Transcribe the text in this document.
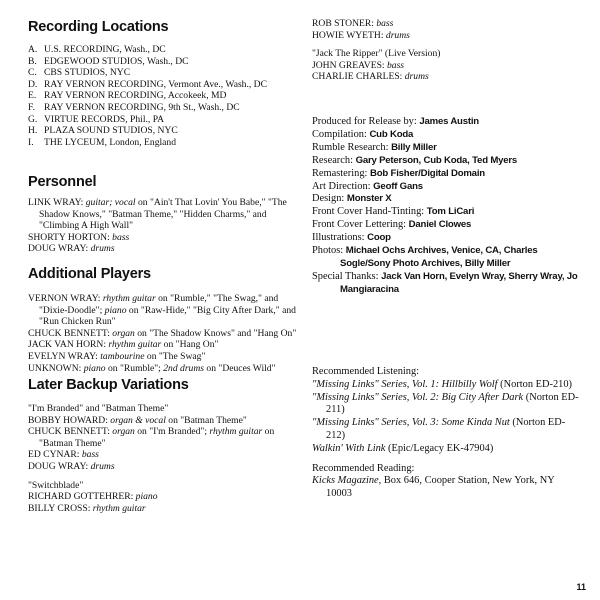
Recording Locations

A. U.S. RECORDING, Wash., DC

B. EDGEWOOD STUDIOS, Wash., DC

C. CBS STUDIOS, NYC

D. RAY VERNON RECORDING, Vermont Ave., Wash., DC

E. RAY VERNON RECORDING, Accokeek, MD

F. RAY VERNON RECORDING, 9th St., Wash., DC

G. VIRTUE RECORDS, Phil., PA

H. PLAZA SOUND STUDIOS, NYC

I.	THE LYCEUM, London, England

Personnel

LINK WRAY: guitar; vocal on "Ain't That Lovin' You Babe," "The Shadow Knows," "Batman Theme," "Hidden Charms," and "Climbing A High Wall"

SHORTY HORTON: bass

DOUG WRAY: drums

Additional Players

VERNON WRAY: rhythm guitar on "Rumble," "The Swag," and "Dixie-Doodle"; piano on "Raw-Hide," "Big City After Dark," and "Run Chicken Run"

CHUCK BENNETT: organ on "The Shadow Knows" and "Hang On"

JACK VAN HORN: rhythm guitar on "Hang On"

EVELYN WRAY: tambourine on "The Swag"

UNKNOWN: piano on "Rumble"; 2nd drums on "Deuces Wild"

Later Backup Variations

"I'm Branded" and "Batman Theme"

BOBBY HOWARD: organ & vocal on "Batman Theme"

CHUCK BENNETT: organ on "I'm Branded"; rhythm guitar on "Batman Theme"

ED CYNAR: bass

DOUG WRAY: drums

"Switchblade"

RICHARD GOTTEHRER: piano

BILLY CROSS: rhythm guitar

ROB STONER: bass

HOWIE WYETH: drums

"Jack The Ripper" (Live Version)

JOHN GREAVES: bass

CHARLIE CHARLES: drums

Produced for Release by: James Austin

Compilation: Cub Koda

Rumble Research: Billy Miller

Research: Gary Peterson, Cub Koda, Ted Myers

Remastering: Bob Fisher/Digital Domain

Art Direction: Geoff Gans

Design: Monster X

Front Cover Hand-Tinting: Tom LiCari

Front Cover Lettering: Daniel Clowes

Illustrations: Coop

Photos: Michael Ochs Archives, Venice, CA, Charles Sogle/Sony Photo Archives, Billy Miller

Special Thanks: Jack Van Horn, Evelyn Wray, Sherry Wray, Jo Mangiaracina

Recommended Listening:

"Missing Links" Series, Vol. 1: Hillbilly Wolf (Norton ED-210)

"Missing Links" Series, Vol. 2: Big City After Dark (Norton ED-211)

"Missing Links" Series, Vol. 3: Some Kinda Nut (Norton ED-212)

Walkin' With Link (Epic/Legacy EK-47904)

Recommended Reading:

Kicks Magazine, Box 646, Cooper Station, New York, NY 10003

11
